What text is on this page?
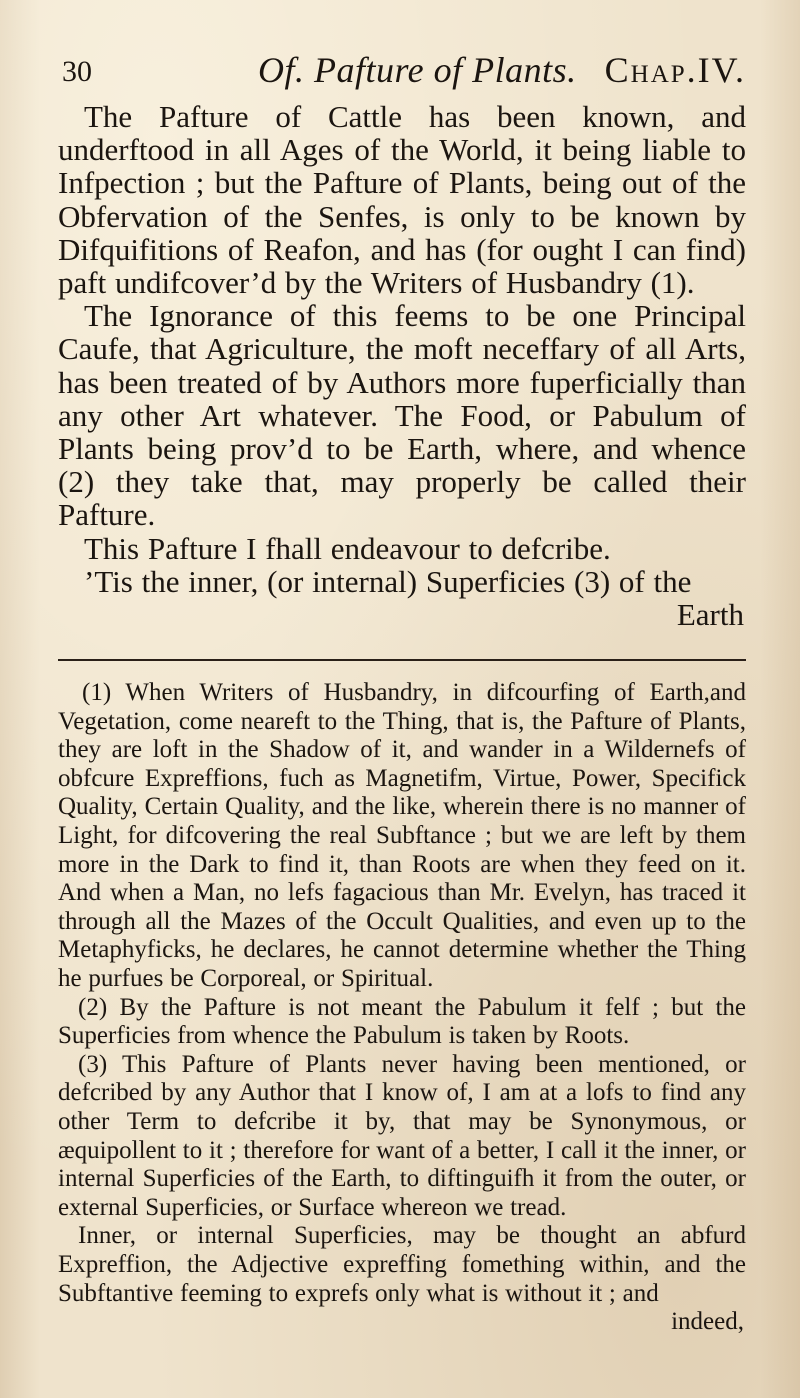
30	Of. Pafture of Plants. Chap.IV.

The Pafture of Cattle has been known, and underftood in all Ages of the World, it being liable to Infpection ; but the Pafture of Plants, being out of the Obfervation of the Senfes, is only to be known by Difquifitions of Reafon, and has (for ought I can find) paft undifcover’d by the Writers of Husbandry (1).

The Ignorance of this feems to be one Principal Caufe, that Agriculture, the moft neceffary of all Arts, has been treated of by Authors more fuperficially than any other Art whatever. The Food, or Pabulum of Plants being prov’d to be Earth, where, and whence (2) they take that, may properly be called their Pafture.

This Pafture I fhall endeavour to defcribe.

’Tis the inner, (or internal) Superficies (3) of the

Earth

(1) When Writers of Husbandry, in difcourfing of Earth,and Vegetation, come neareft to the Thing, that is, the Pafture of Plants, they are loft in the Shadow of it, and wander in a Wildernefs of obfcure Expreffions, fuch as Magnetifm, Virtue, Power, Specifick Quality, Certain Quality, and the like, wherein there is no manner of Light, for difcovering the real Subftance ; but we are left by them more in the Dark to find it, than Roots are when they feed on it. And when a Man, no lefs fagacious than Mr. Evelyn, has traced it through all the Mazes of the Occult Qualities, and even up to the Metaphyficks, he declares, he cannot determine whether the Thing he purfues be Corporeal, or Spiritual.

(2) By the Pafture is not meant the Pabulum it felf ; but the Superficies from whence the Pabulum is taken by Roots.

(3) This Pafture of Plants never having been mentioned, or defcribed by any Author that I know of, I am at a lofs to find any other Term to defcribe it by, that may be Synonymous, or æquipollent to it ; therefore for want of a better, I call it the inner, or internal Superficies of the Earth, to diftinguifh it from the outer, or external Superficies, or Surface whereon we tread.

Inner, or internal Superficies, may be thought an abfurd Expreffion, the Adjective expreffing fomething within, and the Subftantive feeming to exprefs only what is without it ; and

indeed,
